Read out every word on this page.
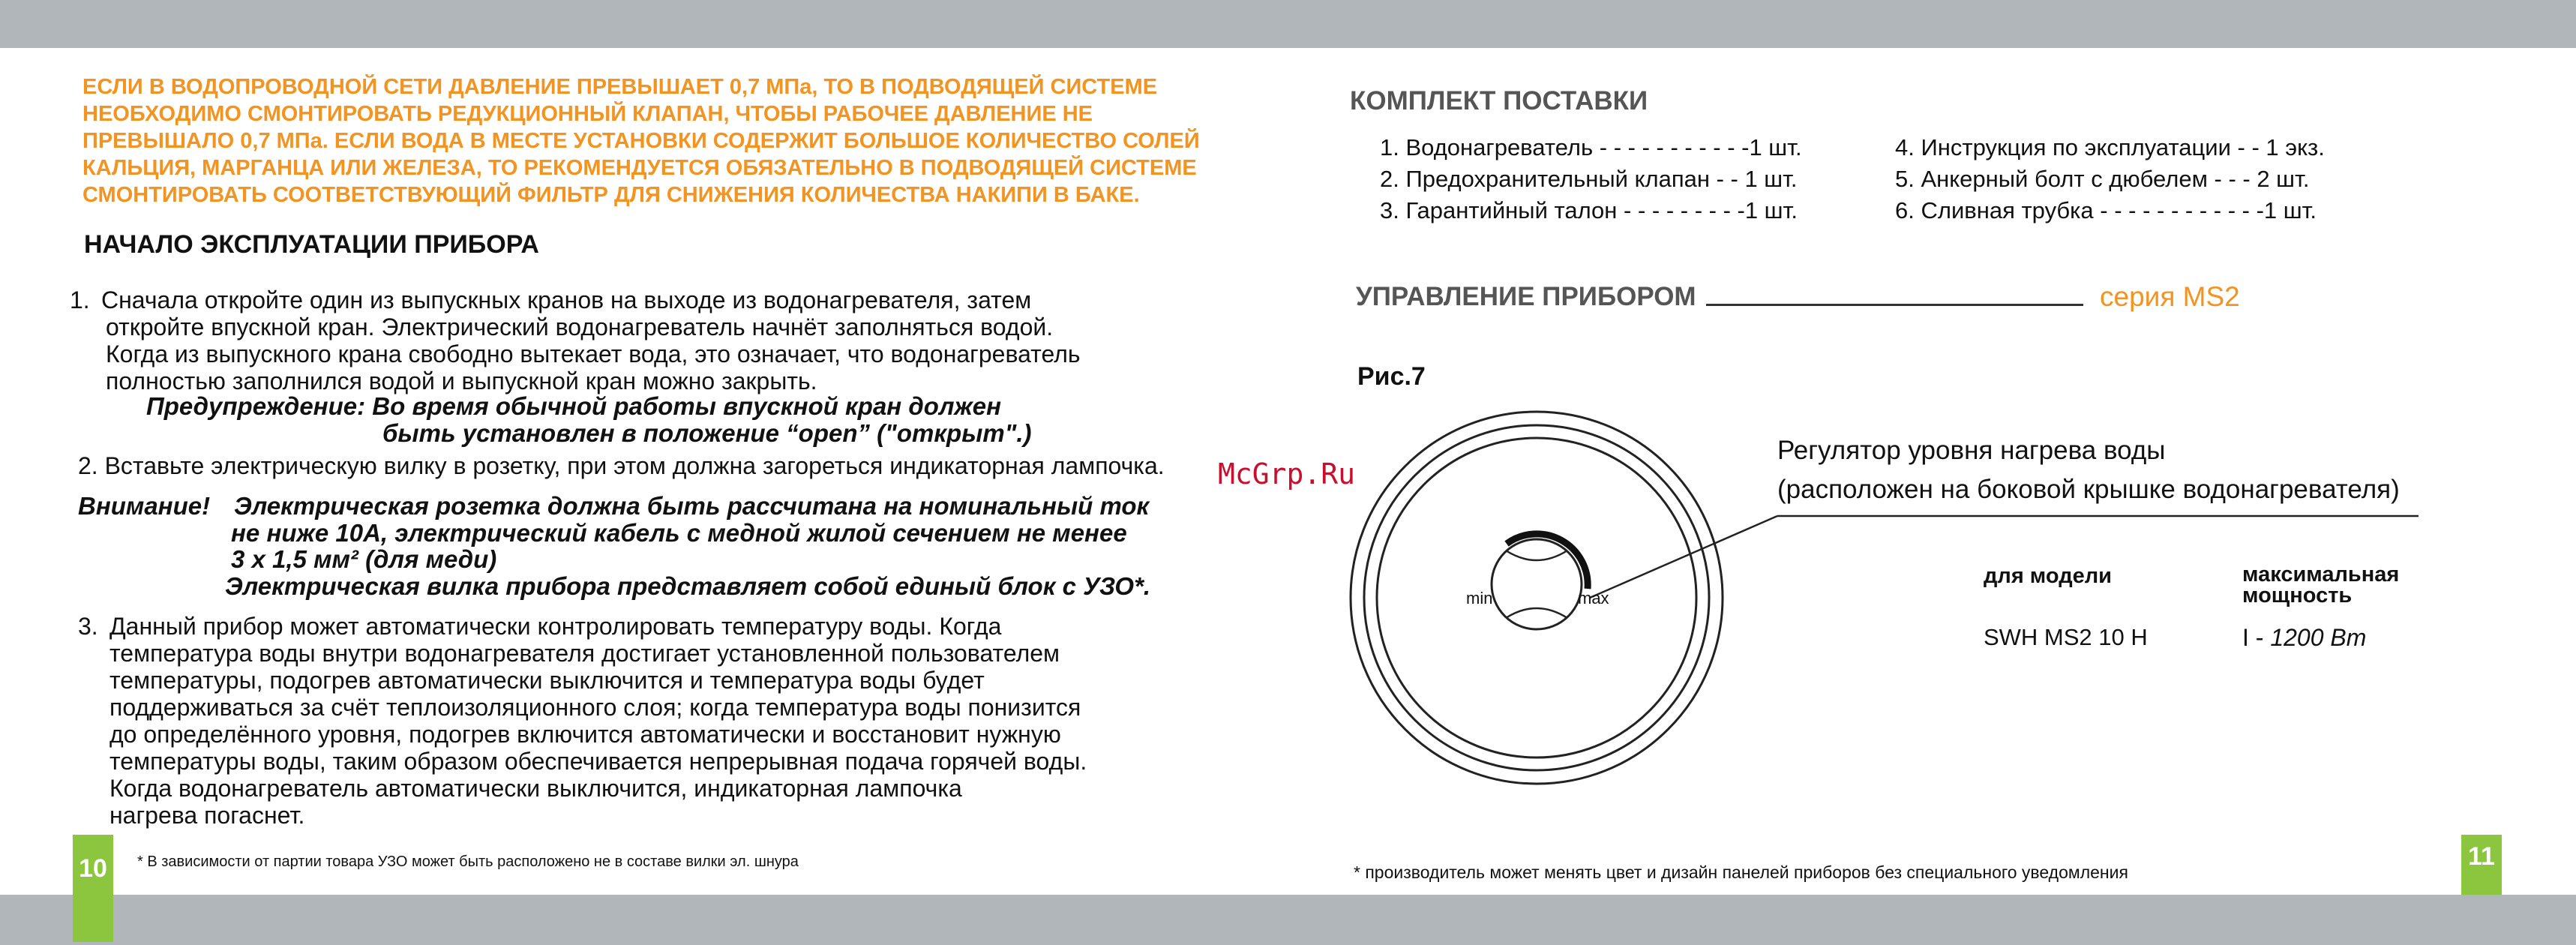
ЕСЛИ В ВОДОПРОВОДНОЙ СЕТИ ДАВЛЕНИЕ ПРЕВЫШАЕТ 0,7 МПа, ТО В ПОДВОДЯЩЕЙ СИСТЕМЕ
НЕОБХОДИМО СМОНТИРОВАТЬ РЕДУКЦИОННЫЙ КЛАПАН, ЧТОБЫ РАБОЧЕЕ ДАВЛЕНИЕ НЕ
ПРЕВЫШАЛО 0,7 МПа. ЕСЛИ ВОДА В МЕСТЕ УСТАНОВКИ СОДЕРЖИТ БОЛЬШОЕ КОЛИЧЕСТВО СОЛЕЙ
КАЛЬЦИЯ, МАРГАНЦА ИЛИ ЖЕЛЕЗА, ТО РЕКОМЕНДУЕТСЯ ОБЯЗАТЕЛЬНО В ПОДВОДЯЩЕЙ СИСТЕМЕ
СМОНТИРОВАТЬ СООТВЕТСТВУЮЩИЙ ФИЛЬТР ДЛЯ СНИЖЕНИЯ КОЛИЧЕСТВА НАКИПИ В БАКЕ.
НАЧАЛО ЭКСПЛУАТАЦИИ ПРИБОРА
1. Сначала откройте один из выпускных кранов на выходе из водонагревателя, затем
откройте впускной кран. Электрический водонагреватель начнёт заполняться водой.
Когда из выпускного крана свободно вытекает вода, это означает, что водонагреватель
полностью заполнился водой и выпускной кран можно закрыть.
Предупреждение: Во время обычной работы впускной кран должен
быть установлен в положение “open” ("открыт".)
2. Вставьте электрическую вилку в розетку, при этом должна загореться индикаторная лампочка.
Внимание! Электрическая розетка должна быть рассчитана на номинальный ток
не ниже 10А, электрический кабель с медной жилой сечением не менее
3 x 1,5 мм² (для меди)
Электрическая вилка прибора представляет собой единый блок с УЗО*.
3. Данный прибор может автоматически контролировать температуру воды. Когда
температура воды внутри водонагревателя достигает установленной пользователем
температуры, подогрев автоматически выключится и температура воды будет
поддерживаться за счёт теплоизоляционного слоя; когда температура воды понизится
до определённого уровня, подогрев включится автоматически и восстановит нужную
температуры воды, таким образом обеспечивается непрерывная подача горячей воды.
Когда водонагреватель автоматически выключится, индикаторная лампочка
нагрева погаснет.
10	* В зависимости от партии товара УЗО может быть расположено не в составе вилки эл. шнура
McGrp.Ru
КОМПЛЕКТ ПОСТАВКИ
1. Водонагреватель - - - - - - - - - - -1 шт.
2. Предохранительный клапан - - 1 шт.
3. Гарантийный талон - - - - - - - - -1 шт.
4. Инструкция по эксплуатации - - 1 экз.
5. Анкерный болт с дюбелем - - - 2 шт.
6. Сливная трубка - - - - - - - - - - - -1 шт.
УПРАВЛЕНИЕ ПРИБОРОМ	серия MS2
Рис.7
min	max
Регулятор уровня нагрева воды
(расположен на боковой крышке водонагревателя)
для модели	максимальная
мощность
SWH MS2 10 H	I - 1200 Вт
* производитель может менять цвет и дизайн панелей приборов без специального уведомления
11
